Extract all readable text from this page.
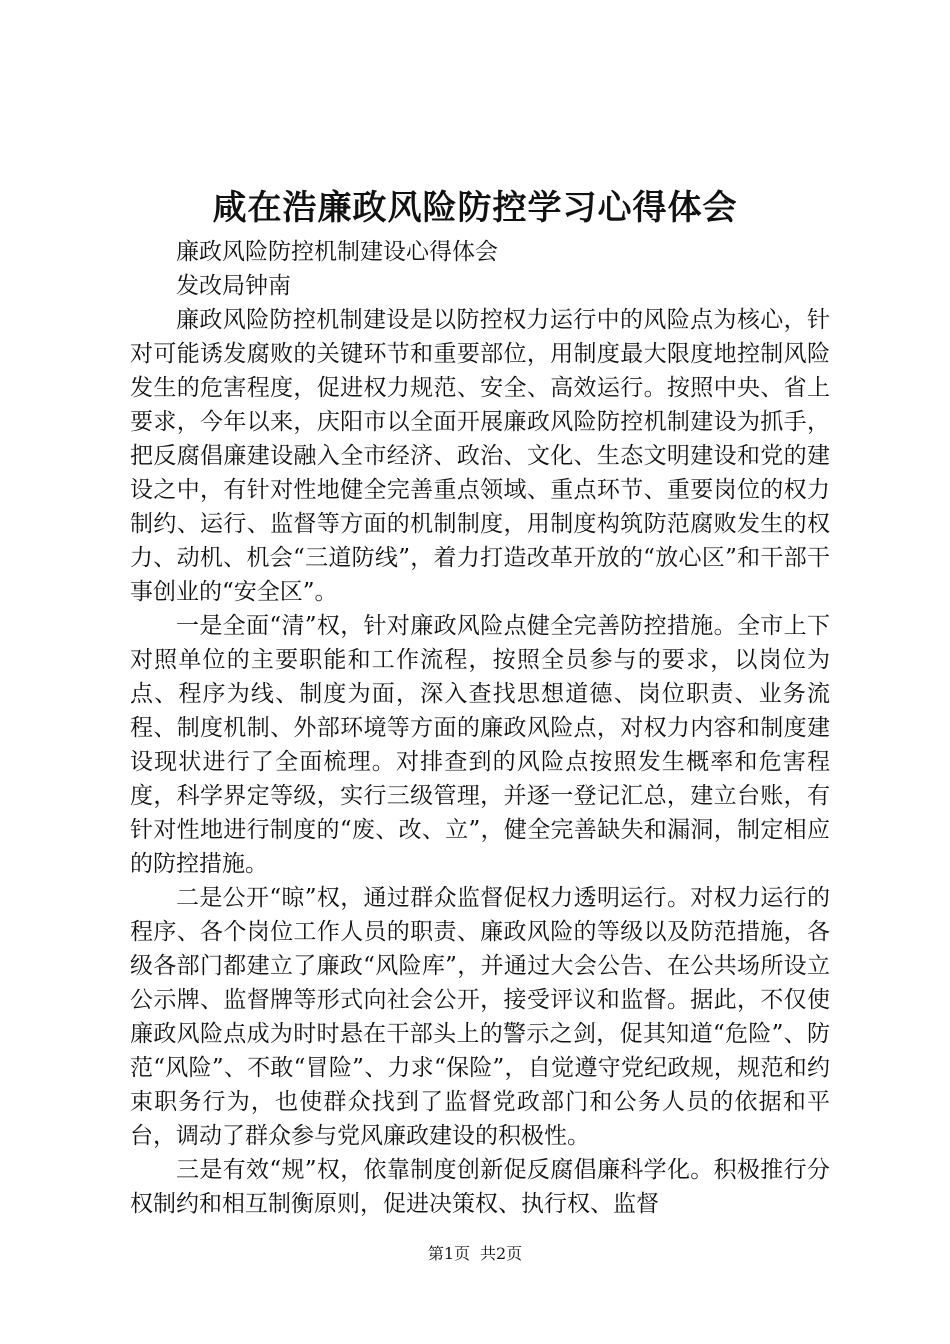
咸在浩廉政风险防控学习心得体会

廉政风险防控机制建设心得体会

发改局钟南

廉政风险防控机制建设是以防控权力运行中的风险点为核心，针对可能诱发腐败的关键环节和重要部位，用制度最大限度地控制风险发生的危害程度，促进权力规范、安全、高效运行。按照中央、省上要求，今年以来，庆阳市以全面开展廉政风险防控机制建设为抓手，把反腐倡廉建设融入全市经济、政治、文化、生态文明建设和党的建设之中，有针对性地健全完善重点领域、重点环节、重要岗位的权力制约、运行、监督等方面的机制制度，用制度构筑防范腐败发生的权力、动机、机会“三道防线”，着力打造改革开放的“放心区”和干部干事创业的“安全区”。

一是全面“清”权，针对廉政风险点健全完善防控措施。全市上下对照单位的主要职能和工作流程，按照全员参与的要求，以岗位为点、程序为线、制度为面，深入查找思想道德、岗位职责、业务流程、制度机制、外部环境等方面的廉政风险点，对权力内容和制度建设现状进行了全面梳理。对排查到的风险点按照发生概率和危害程度，科学界定等级，实行三级管理，并逐一登记汇总，建立台账，有针对性地进行制度的“废、改、立”，健全完善缺失和漏洞，制定相应的防控措施。

二是公开“晾”权，通过群众监督促权力透明运行。对权力运行的程序、各个岗位工作人员的职责、廉政风险的等级以及防范措施，各级各部门都建立了廉政“风险库”，并通过大会公告、在公共场所设立公示牌、监督牌等形式向社会公开，接受评议和监督。据此，不仅使廉政风险点成为时时悬在干部头上的警示之剑，促其知道“危险”、防范“风险”、不敢“冒险”、力求“保险”，自觉遵守党纪政规，规范和约束职务行为，也使群众找到了监督党政部门和公务人员的依据和平台，调动了群众参与党风廉政建设的积极性。

三是有效“规”权，依靠制度创新促反腐倡廉科学化。积极推行分权制约和相互制衡原则，促进决策权、执行权、监督

第1页 共2页
